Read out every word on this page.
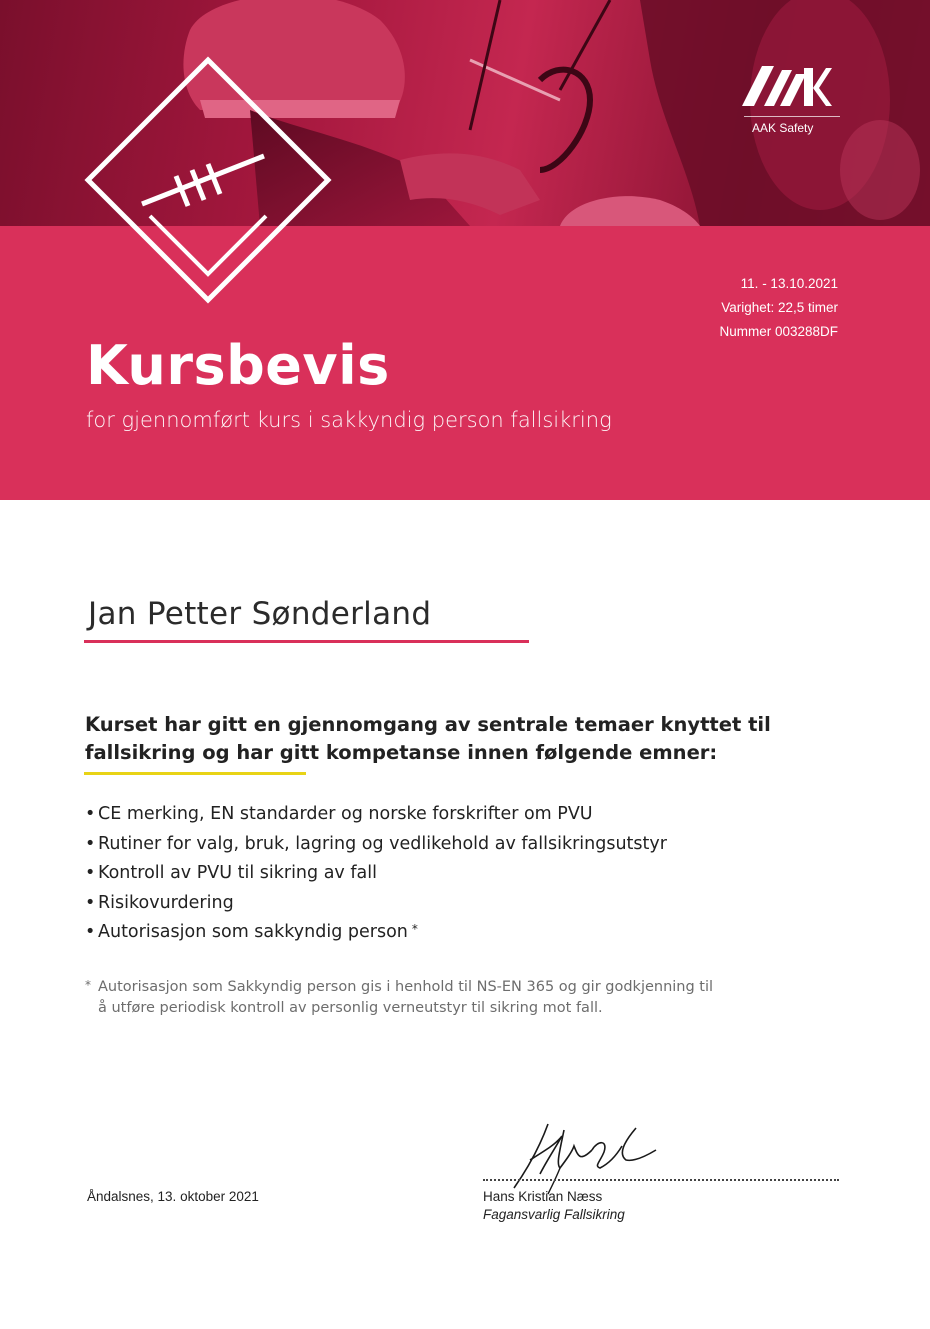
AAK Safety
11. - 13.10.2021
Varighet: 22,5 timer
Nummer 003288DF
Kursbevis
for gjennomført kurs i sakkyndig person fallsikring
Jan Petter Sønderland
Kurset har gitt en gjennomgang av sentrale temaer knyttet til
fallsikring og har gitt kompetanse innen følgende emner:
• CE merking, EN standarder og norske forskrifter om PVU
• Rutiner for valg, bruk, lagring og vedlikehold av fallsikringsutstyr
• Kontroll av PVU til sikring av fall
• Risikovurdering
• Autorisasjon som sakkyndig person *
* Autorisasjon som Sakkyndig person gis i henhold til NS-EN 365 og gir godkjenning til
å utføre periodisk kontroll av personlig verneutstyr til sikring mot fall.
Åndalsnes, 13. oktober 2021	Hans Kristian Næss
Fagansvarlig Fallsikring
